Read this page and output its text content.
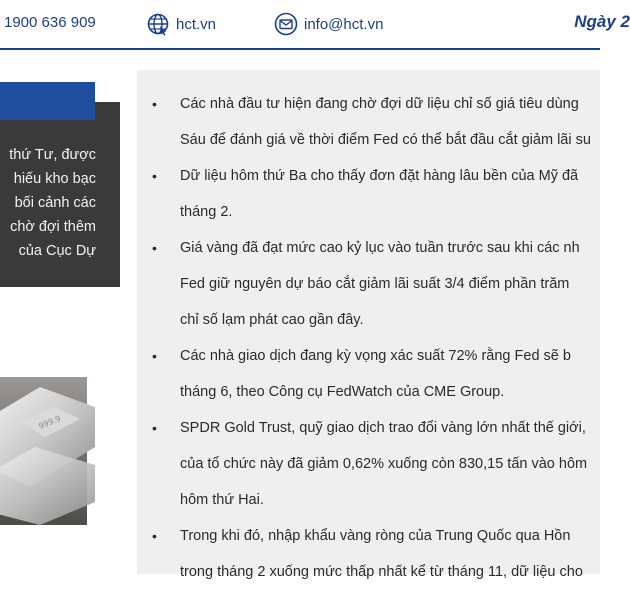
1900 636 909	hct.vn	info@hct.vn	Ngày 2
thứ Tư, được
hiếu kho bạc
bối cảnh các
chờ đợi thêm
của Cục Dự
999.9
• Các nhà đầu tư hiện đang chờ đợi dữ liệu chỉ số giá tiêu dùng
Sáu để đánh giá về thời điểm Fed có thể bắt đầu cắt giảm lãi su
• Dữ liệu hôm thứ Ba cho thấy đơn đặt hàng lâu bền của Mỹ đã
tháng 2.
• Giá vàng đã đạt mức cao kỷ lục vào tuần trước sau khi các nh
Fed giữ nguyên dự báo cắt giảm lãi suất 3/4 điểm phần trăm
chỉ số lạm phát cao gần đây.
• Các nhà giao dịch đang kỳ vọng xác suất 72% rằng Fed sẽ b
tháng 6, theo Công cụ FedWatch của CME Group.
• SPDR Gold Trust, quỹ giao dịch trao đổi vàng lớn nhất thế giới,
của tổ chức này đã giảm 0,62% xuống còn 830,15 tấn vào hôm
hôm thứ Hai.
• Trong khi đó, nhập khẩu vàng ròng của Trung Quốc qua Hồn
trong tháng 2 xuống mức thấp nhất kể từ tháng 11, dữ liệu cho
